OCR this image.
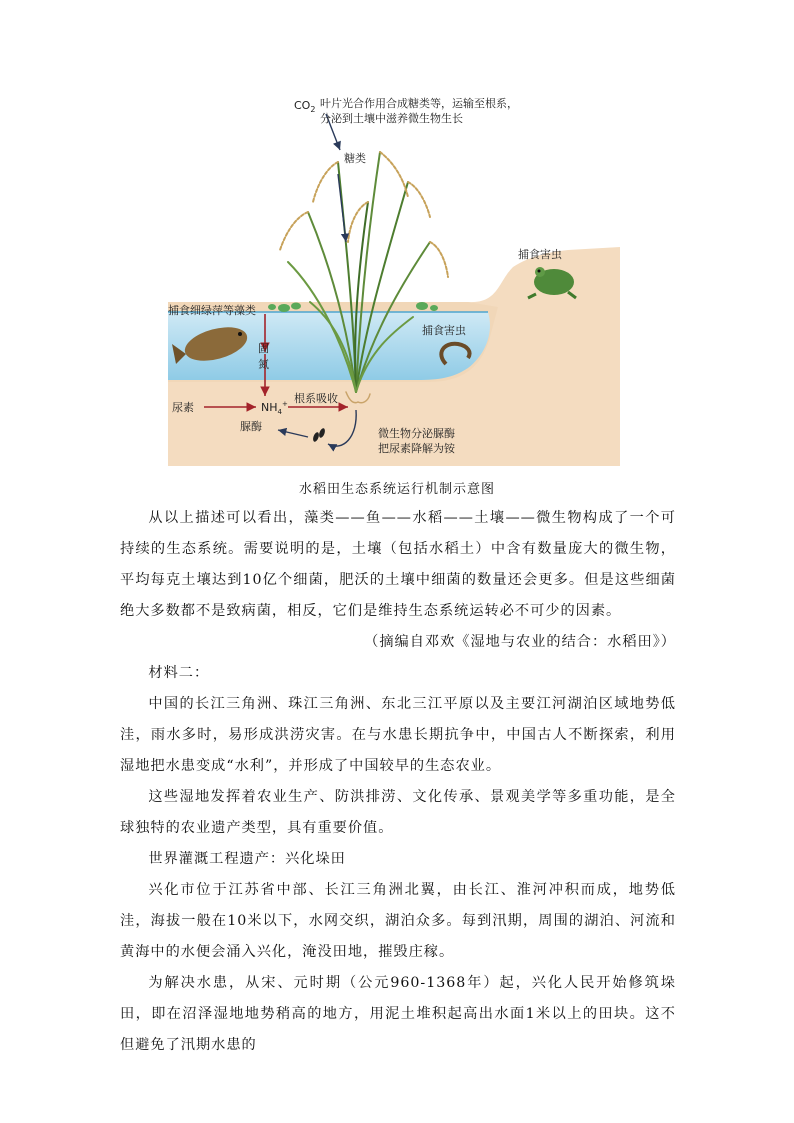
$CO_2$ 叶片光合作用合成糖类等，运输至根系，
分泌到土壤中滋养微生物生长
糖类
捕食害虫
捕食细绿萍等藻类
捕食害虫
固
氮
尿素	$NH_4^+$ 根系吸收
脲酶
微生物分泌脲酶
把尿素降解为铵
水稻田生态系统运行机制示意图

从以上描述可以看出，藻类——鱼——水稻——土壤——微生物构成了一个可持续的生态系统。需要说明的是，土壤（包括水稻土）中含有数量庞大的微生物，平均每克土壤达到10亿个细菌，肥沃的土壤中细菌的数量还会更多。但是这些细菌绝大多数都不是致病菌，相反，它们是维持生态系统运转必不可少的因素。

（摘编自邓欢《湿地与农业的结合：水稻田》）

材料二：

中国的长江三角洲、珠江三角洲、东北三江平原以及主要江河湖泊区域地势低洼，雨水多时，易形成洪涝灾害。在与水患长期抗争中，中国古人不断探索，利用湿地把水患变成“水利”，并形成了中国较早的生态农业。

这些湿地发挥着农业生产、防洪排涝、文化传承、景观美学等多重功能，是全球独特的农业遗产类型，具有重要价值。

世界灌溉工程遗产：兴化垛田

兴化市位于江苏省中部、长江三角洲北翼，由长江、淮河冲积而成，地势低洼，海拔一般在10米以下，水网交织，湖泊众多。每到汛期，周围的湖泊、河流和黄海中的水便会涌入兴化，淹没田地，摧毁庄稼。

为解决水患，从宋、元时期（公元960-1368年）起，兴化人民开始修筑垛田，即在沼泽湿地地势稍高的地方，用泥土堆积起高出水面1米以上的田块。这不但避免了汛期水患的
